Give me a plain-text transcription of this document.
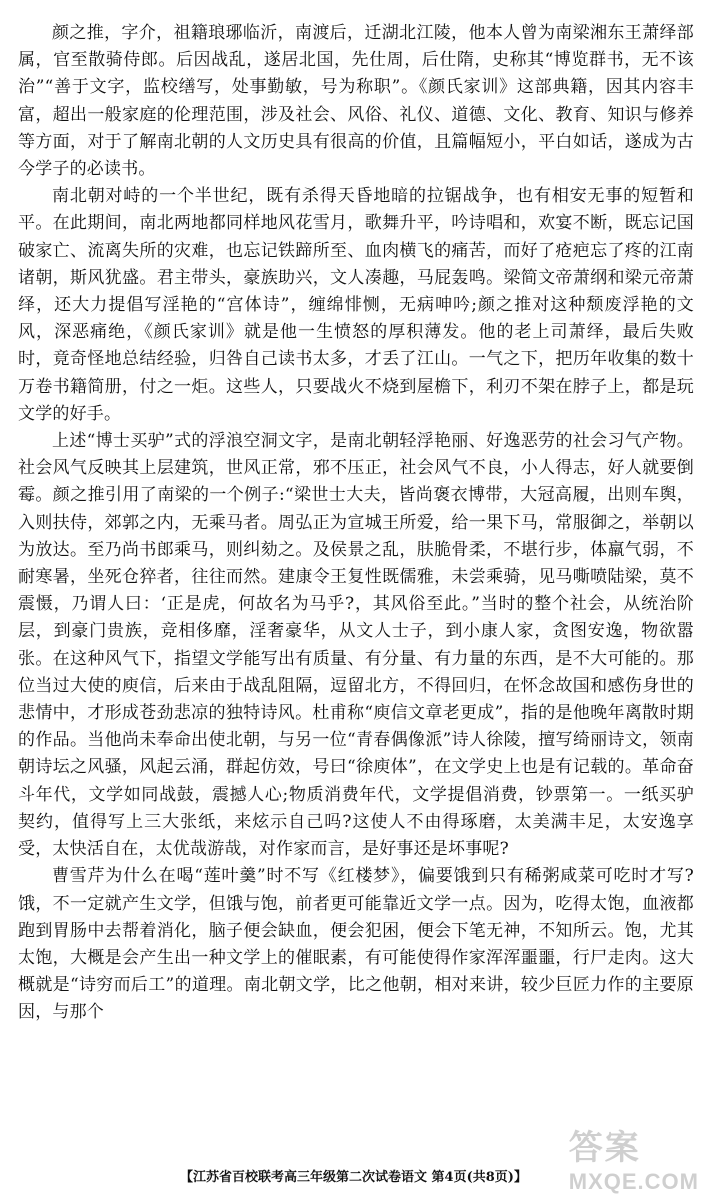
颜之推，字介，祖籍琅琊临沂，南渡后，迁湖北江陵，他本人曾为南梁湘东王萧绎部属，官至散骑侍郎。后因战乱，遂居北国，先仕周，后仕隋，史称其“博览群书，无不该治”“善于文字，监校缮写，处事勤敏，号为称职”。《颜氏家训》这部典籍，因其内容丰富，超出一般家庭的伦理范围，涉及社会、风俗、礼仪、道德、文化、教育、知识与修养等方面，对于了解南北朝的人文历史具有很高的价值，且篇幅短小，平白如话，遂成为古今学子的必读书。

南北朝对峙的一个半世纪，既有杀得天昏地暗的拉锯战争，也有相安无事的短暂和平。在此期间，南北两地都同样地风花雪月，歌舞升平，吟诗唱和，欢宴不断，既忘记国破家亡、流离失所的灾难，也忘记铁蹄所至、血肉横飞的痛苦，而好了疮疤忘了疼的江南诸朝，斯风犹盛。君主带头，豪族助兴，文人凑趣，马屁轰鸣。梁简文帝萧纲和梁元帝萧绎，还大力提倡写淫艳的“宫体诗”，缠绵悱恻，无病呻吟;颜之推对这种颓废浮艳的文风，深恶痛绝，《颜氏家训》就是他一生愤怒的厚积薄发。他的老上司萧绎，最后失败时，竟奇怪地总结经验，归咎自己读书太多，才丢了江山。一气之下，把历年收集的数十万卷书籍简册，付之一炬。这些人，只要战火不烧到屋檐下，利刃不架在脖子上，都是玩文学的好手。

上述“博士买驴”式的浮浪空洞文字，是南北朝轻浮艳丽、好逸恶劳的社会习气产物。社会风气反映其上层建筑，世风正常，邪不压正，社会风气不良，小人得志，好人就要倒霉。颜之推引用了南梁的一个例子:“梁世士大夫，皆尚褒衣博带，大冠高履，出则车舆，入则扶侍，郊郭之内，无乘马者。周弘正为宣城王所爱，给一果下马，常服御之，举朝以为放达。至乃尚书郎乘马，则纠劾之。及侯景之乱，肤脆骨柔，不堪行步，体羸气弱，不耐寒暑，坐死仓猝者，往往而然。建康令王复性既儒雅，未尝乘骑，见马嘶喷陆梁，莫不震慑，乃谓人曰：‘正是虎，何故名为马乎?，其风俗至此。”当时的整个社会，从统治阶层，到豪门贵族，竞相侈靡，淫奢豪华，从文人士子，到小康人家，贪图安逸，物欲嚣张。在这种风气下，指望文学能写出有质量、有分量、有力量的东西，是不大可能的。那位当过大使的庾信，后来由于战乱阻隔，逗留北方，不得回归，在怀念故国和感伤身世的悲情中，才形成苍劲悲凉的独特诗风。杜甫称“庾信文章老更成”，指的是他晚年离散时期的作品。当他尚未奉命出使北朝，与另一位“青春偶像派”诗人徐陵，擅写绮丽诗文，领南朝诗坛之风骚，风起云涌，群起仿效，号曰“徐庾体”，在文学史上也是有记载的。革命奋斗年代，文学如同战鼓，震撼人心;物质消费年代，文学提倡消费，钞票第一。一纸买驴契约，值得写上三大张纸，来炫示自己吗?这使人不由得琢磨，太美满丰足，太安逸享受，太快活自在，太优哉游哉，对作家而言，是好事还是坏事呢?

曹雪芹为什么在喝“莲叶羹”时不写《红楼梦》，偏要饿到只有稀粥咸菜可吃时才写?饿，不一定就产生文学，但饿与饱，前者更可能靠近文学一点。因为，吃得太饱，血液都跑到胃肠中去帮着消化，脑子便会缺血，便会犯困，便会下笔无神，不知所云。饱，尤其太饱，大概是会产生出一种文学上的催眠素，有可能使得作家浑浑噩噩，行尸走肉。这大概就是“诗穷而后工”的道理。南北朝文学，比之他朝，相对来讲，较少巨匠力作的主要原因，与那个

【江苏省百校联考高三年级第二次试卷语文 第4页(共8页)】
答案
MXQE.COM
